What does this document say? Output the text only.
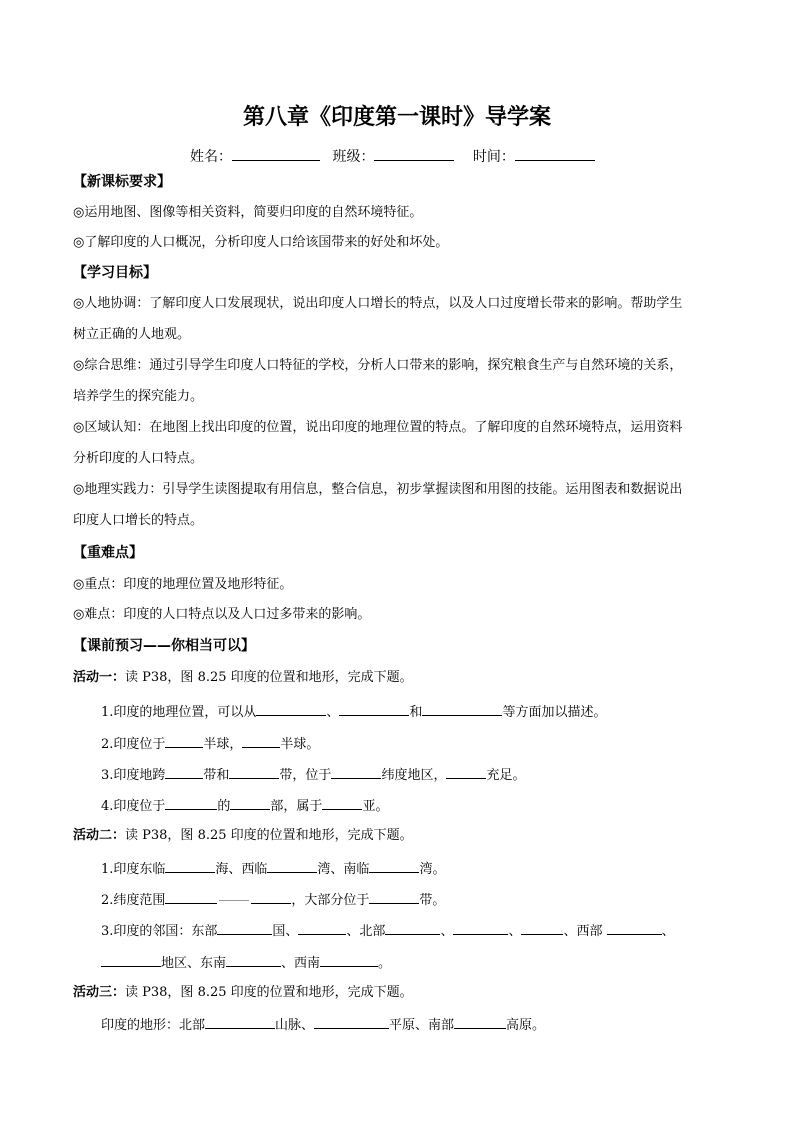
第八章《印度第一课时》导学案
姓名：	班级：	时间：
【新课标要求】
◎运用地图、图像等相关资料，简要归印度的自然环境特征。
◎了解印度的人口概况，分析印度人口给该国带来的好处和坏处。
【学习目标】
◎人地协调：了解印度人口发展现状，说出印度人口增长的特点，以及人口过度增长带来的影响。帮助学生
树立正确的人地观。
◎综合思维：通过引导学生印度人口特征的学校，分析人口带来的影响，探究粮食生产与自然环境的关系，
培养学生的探究能力。
◎区域认知：在地图上找出印度的位置，说出印度的地理位置的特点。了解印度的自然环境特点，运用资料
分析印度的人口特点。
◎地理实践力：引导学生读图提取有用信息，整合信息，初步掌握读图和用图的技能。运用图表和数据说出
印度人口增长的特点。
【重难点】
◎重点：印度的地理位置及地形特征。
◎难点：印度的人口特点以及人口过多带来的影响。
【课前预习——你相当可以】
活动一：读 P38，图 8.25 印度的位置和地形，完成下题。
1.印度的地理位置，可以从	、	和	等方面加以描述。
2.印度位于	半球，	半球。
3.印度地跨	带和	带，位于	纬度地区，	充足。
4.印度位于	的	部，属于	亚。
活动二：读 P38，图 8.25 印度的位置和地形，完成下题。
1.印度东临	海、西临	湾、南临	湾。
2.纬度范围	，大部分位于	带。
3.印度的邻国：东部	国、	、北部	、	、	、西部	、
地区、东南	、西南	。
活动三：读 P38，图 8.25 印度的位置和地形，完成下题。
印度的地形：北部	山脉、	平原、南部	高原。
